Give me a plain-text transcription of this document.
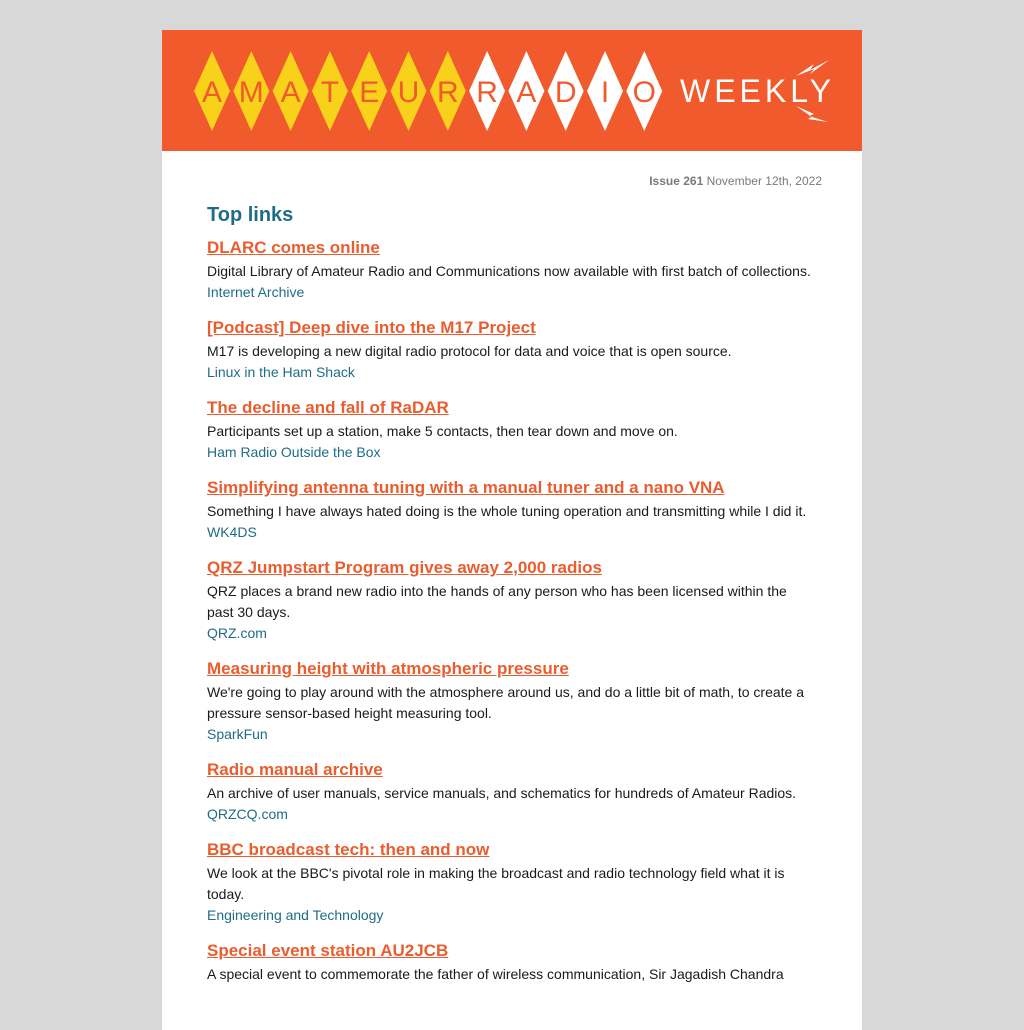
A M A T E U R R A D I O WEEKLY
Issue 261 November 12th, 2022
Top links
DLARC comes online
Digital Library of Amateur Radio and Communications now available with first batch of collections.
Internet Archive
[Podcast] Deep dive into the M17 Project
M17 is developing a new digital radio protocol for data and voice that is open source.
Linux in the Ham Shack
The decline and fall of RaDAR
Participants set up a station, make 5 contacts, then tear down and move on.
Ham Radio Outside the Box
Simplifying antenna tuning with a manual tuner and a nano VNA
Something I have always hated doing is the whole tuning operation and transmitting while I did it.
WK4DS
QRZ Jumpstart Program gives away 2,000 radios
QRZ places a brand new radio into the hands of any person who has been licensed within the past 30 days.
QRZ.com
Measuring height with atmospheric pressure
We're going to play around with the atmosphere around us, and do a little bit of math, to create a pressure sensor-based height measuring tool.
SparkFun
Radio manual archive
An archive of user manuals, service manuals, and schematics for hundreds of Amateur Radios.
QRZCQ.com
BBC broadcast tech: then and now
We look at the BBC's pivotal role in making the broadcast and radio technology field what it is today.
Engineering and Technology
Special event station AU2JCB
A special event to commemorate the father of wireless communication, Sir Jagadish Chandra
